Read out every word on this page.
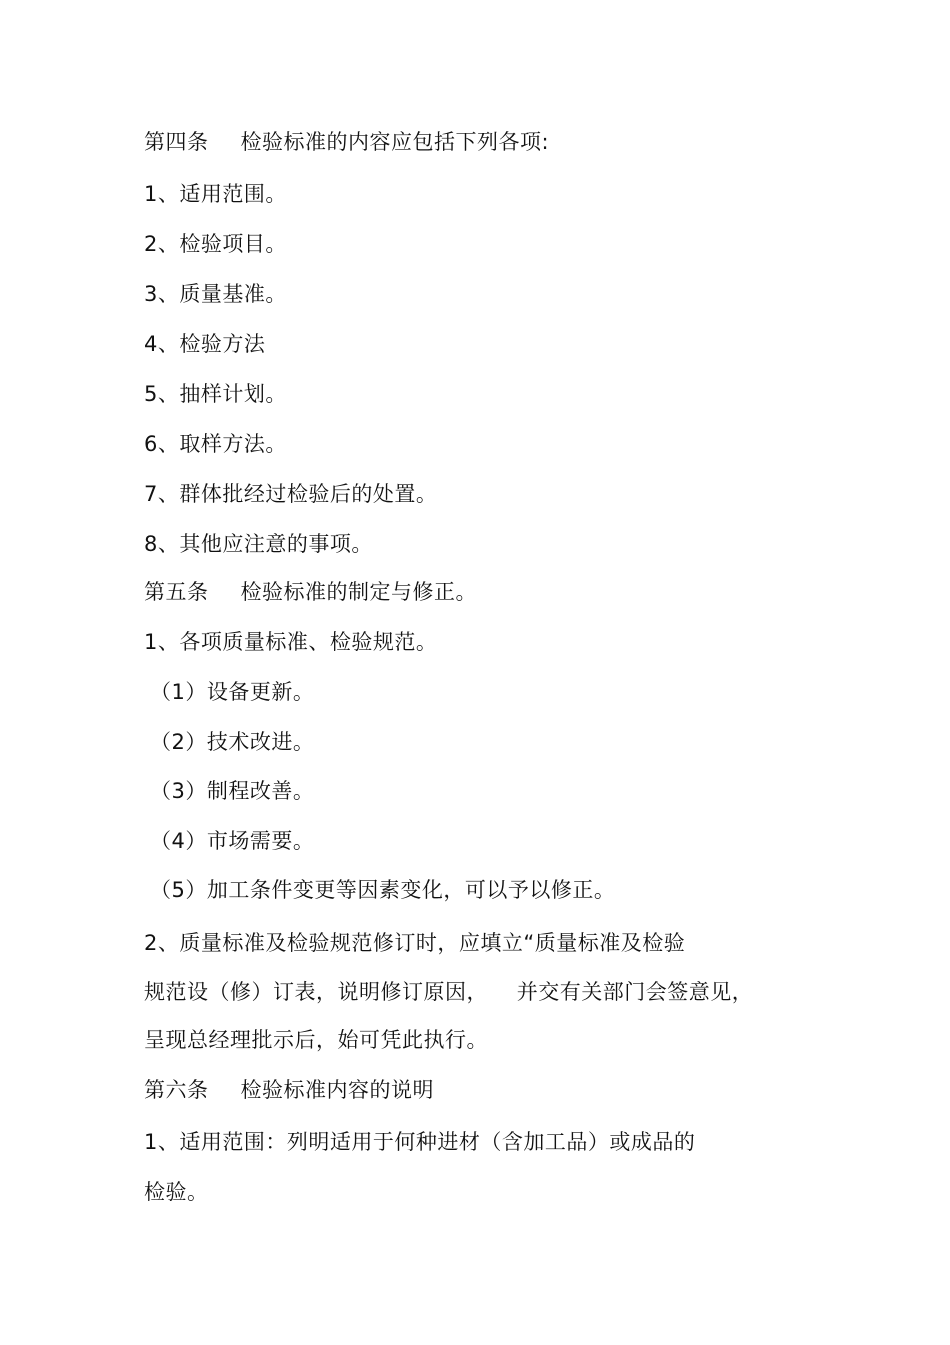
第四条 检验标准的内容应包括下列各项:
1、适用范围。
2、检验项目。
3、质量基准。
4、检验方法
5、抽样计划。
6、取样方法。
7、群体批经过检验后的处置。
8、其他应注意的事项。
第五条 检验标准的制定与修正。
1、各项质量标准、检验规范。
（1）设备更新。
（2）技术改进。
（3）制程改善。
（4）市场需要。
（5）加工条件变更等因素变化，可以予以修正。
2、质量标准及检验规范修订时，应填立“质量标准及检验
规范设（修）订表，说明修订原因，    并交有关部门会签意见，
呈现总经理批示后，始可凭此执行。
第六条 检验标准内容的说明
1、适用范围：列明适用于何种进材（含加工品）或成品的
检验。
